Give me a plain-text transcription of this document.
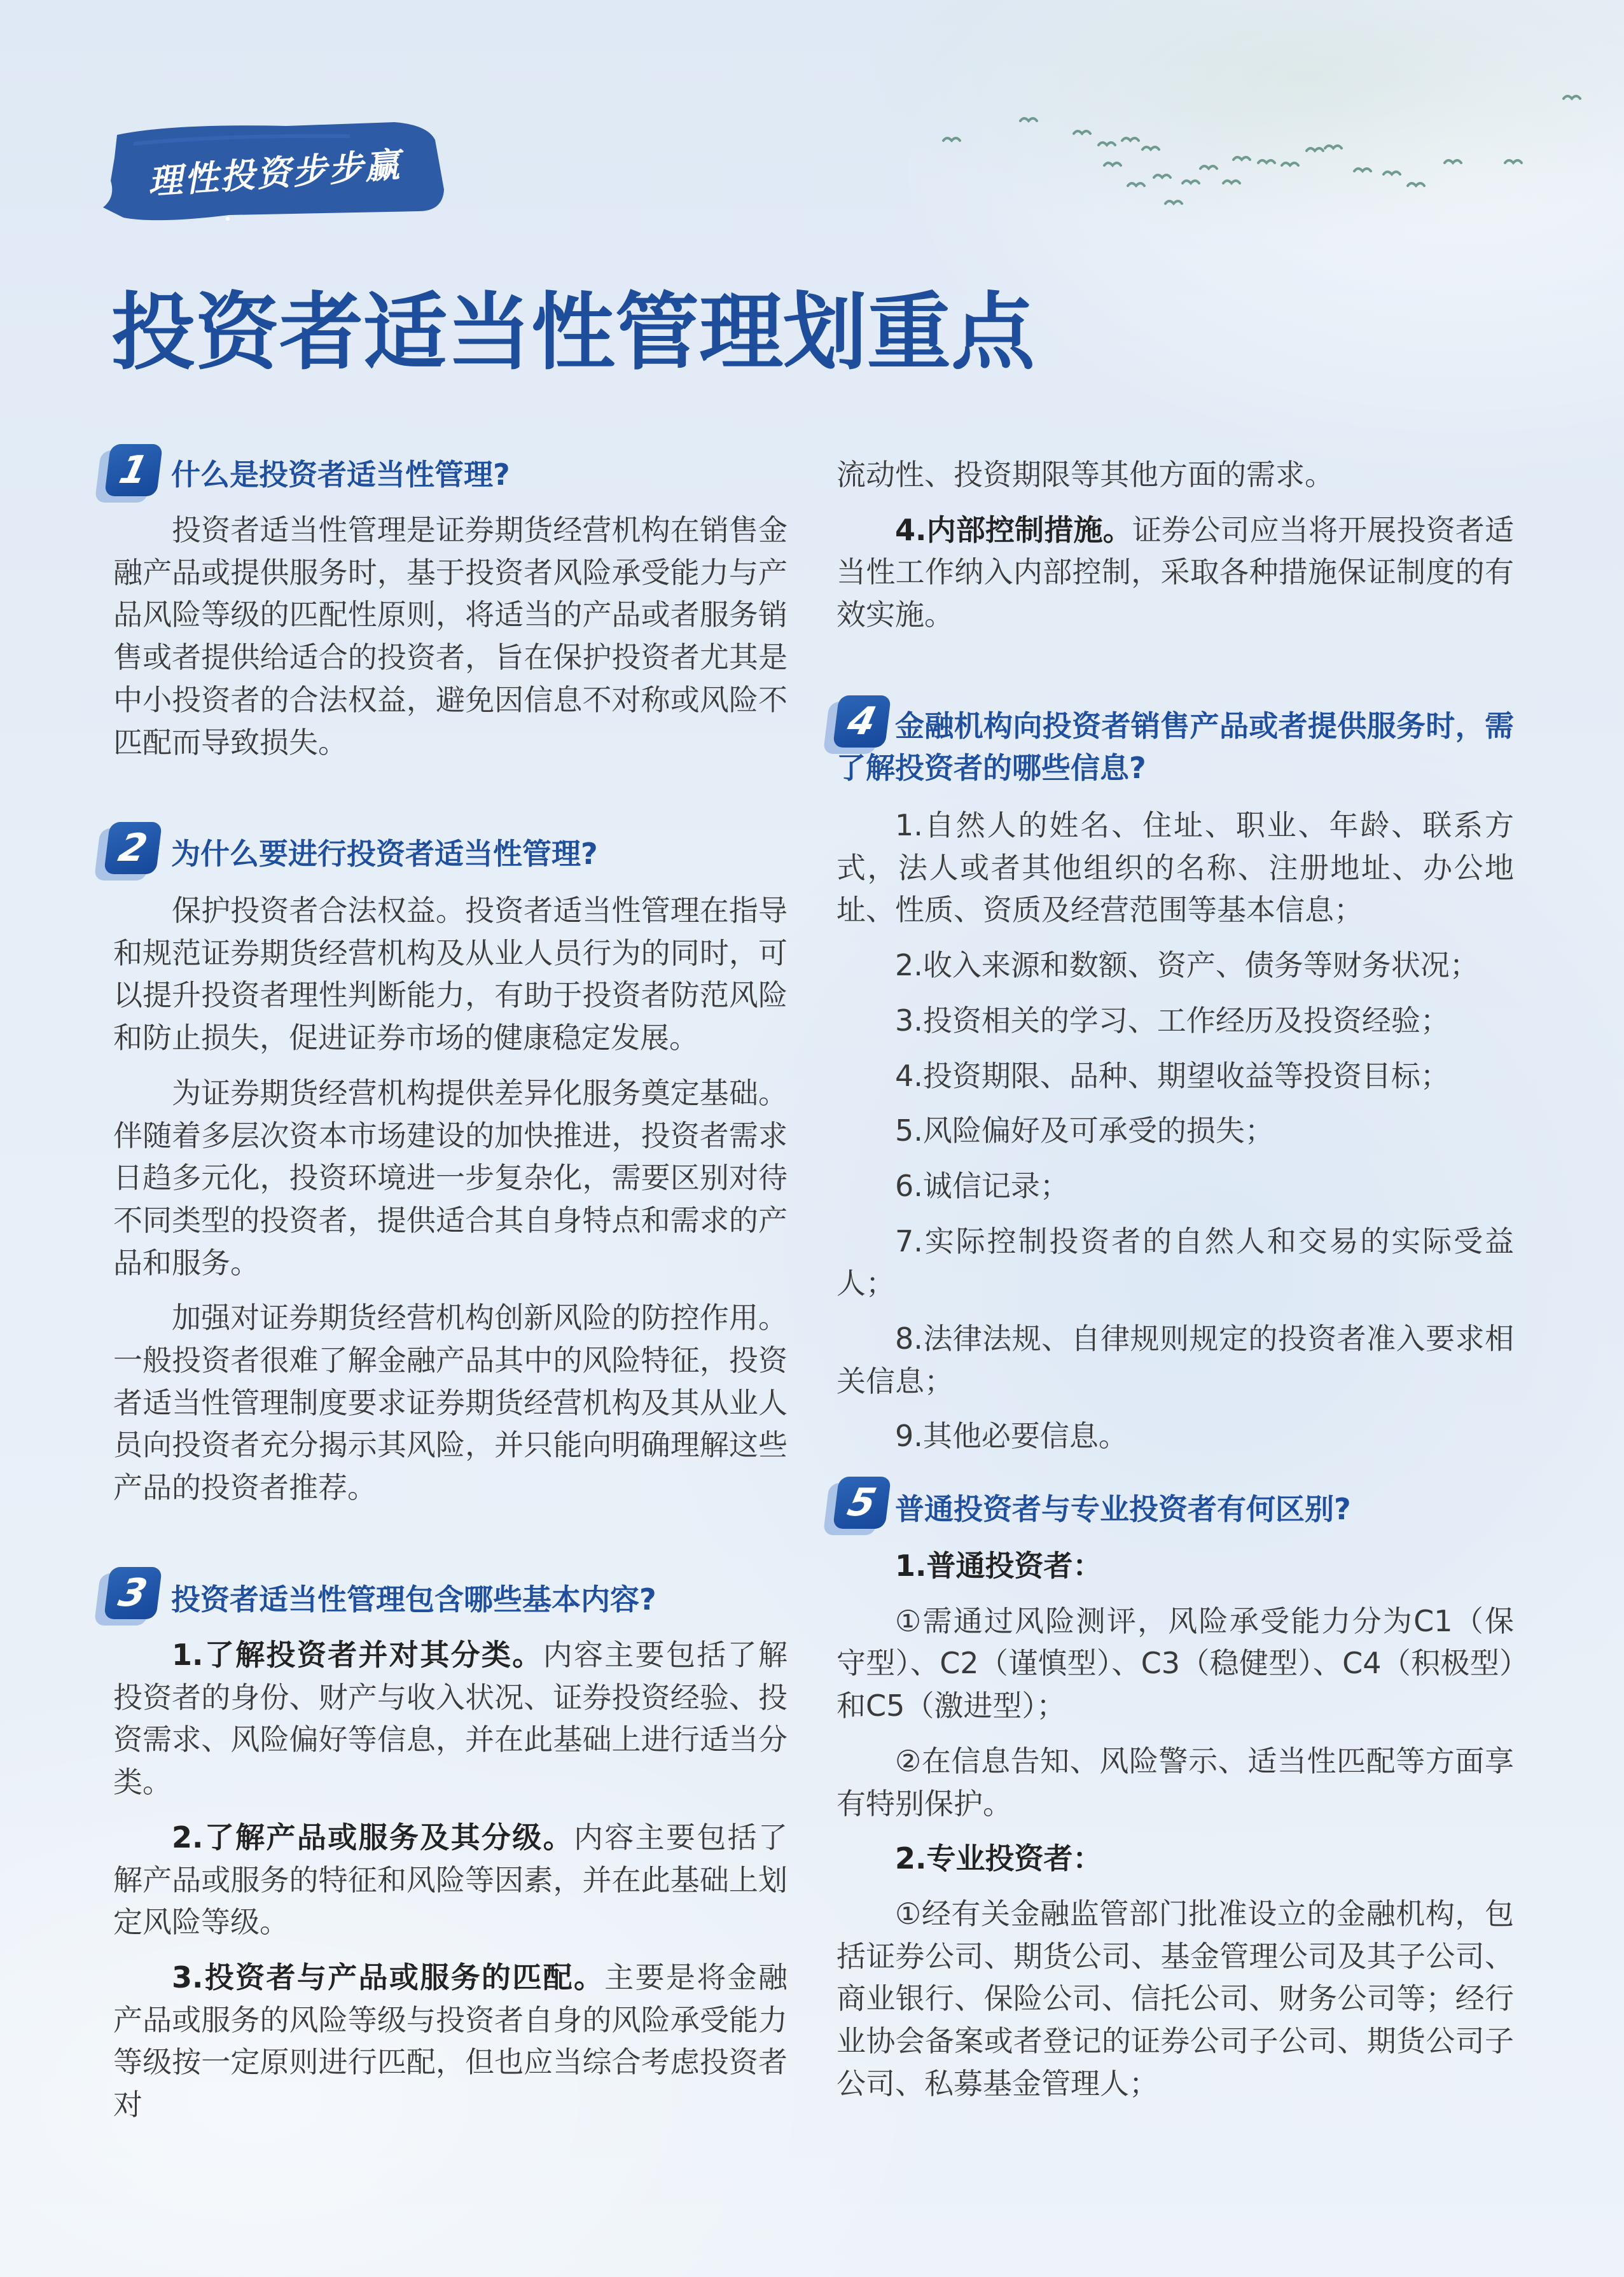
理性投资步步赢
投资者适当性管理划重点
1 什么是投资者适当性管理?

投资者适当性管理是证券期货经营机构在销售金融产品或提供服务时，基于投资者风险承受能力与产品风险等级的匹配性原则，将适当的产品或者服务销售或者提供给适合的投资者，旨在保护投资者尤其是中小投资者的合法权益，避免因信息不对称或风险不匹配而导致损失。

2 为什么要进行投资者适当性管理?

保护投资者合法权益。投资者适当性管理在指导和规范证券期货经营机构及从业人员行为的同时，可以提升投资者理性判断能力，有助于投资者防范风险和防止损失，促进证券市场的健康稳定发展。

为证券期货经营机构提供差异化服务奠定基础。伴随着多层次资本市场建设的加快推进，投资者需求日趋多元化，投资环境进一步复杂化，需要区别对待不同类型的投资者，提供适合其自身特点和需求的产品和服务。

加强对证券期货经营机构创新风险的防控作用。一般投资者很难了解金融产品其中的风险特征，投资者适当性管理制度要求证券期货经营机构及其从业人员向投资者充分揭示其风险，并只能向明确理解这些产品的投资者推荐。

3 投资者适当性管理包含哪些基本内容?

1.了解投资者并对其分类。内容主要包括了解投资者的身份、财产与收入状况、证券投资经验、投资需求、风险偏好等信息，并在此基础上进行适当分类。

2.了解产品或服务及其分级。内容主要包括了解产品或服务的特征和风险等因素，并在此基础上划定风险等级。

3.投资者与产品或服务的匹配。主要是将金融产品或服务的风险等级与投资者自身的风险承受能力等级按一定原则进行匹配，但也应当综合考虑投资者对

流动性、投资期限等其他方面的需求。

4.内部控制措施。证券公司应当将开展投资者适当性工作纳入内部控制，采取各种措施保证制度的有效实施。

4 金融机构向投资者销售产品或者提供服务时，需了解投资者的哪些信息?

1.自然人的姓名、住址、职业、年龄、联系方式，法人或者其他组织的名称、注册地址、办公地址、性质、资质及经营范围等基本信息；

2.收入来源和数额、资产、债务等财务状况；

3.投资相关的学习、工作经历及投资经验；

4.投资期限、品种、期望收益等投资目标；

5.风险偏好及可承受的损失；

6.诚信记录；

7.实际控制投资者的自然人和交易的实际受益人；

8.法律法规、自律规则规定的投资者准入要求相关信息；

9.其他必要信息。

5 普通投资者与专业投资者有何区别?

1.普通投资者：

①需通过风险测评，风险承受能力分为C1（保守型）、C2（谨慎型）、C3（稳健型）、C4（积极型）和C5（激进型）；

②在信息告知、风险警示、适当性匹配等方面享有特别保护。

2.专业投资者：

①经有关金融监管部门批准设立的金融机构，包括证券公司、期货公司、基金管理公司及其子公司、商业银行、保险公司、信托公司、财务公司等；经行业协会备案或者登记的证券公司子公司、期货公司子公司、私募基金管理人；
